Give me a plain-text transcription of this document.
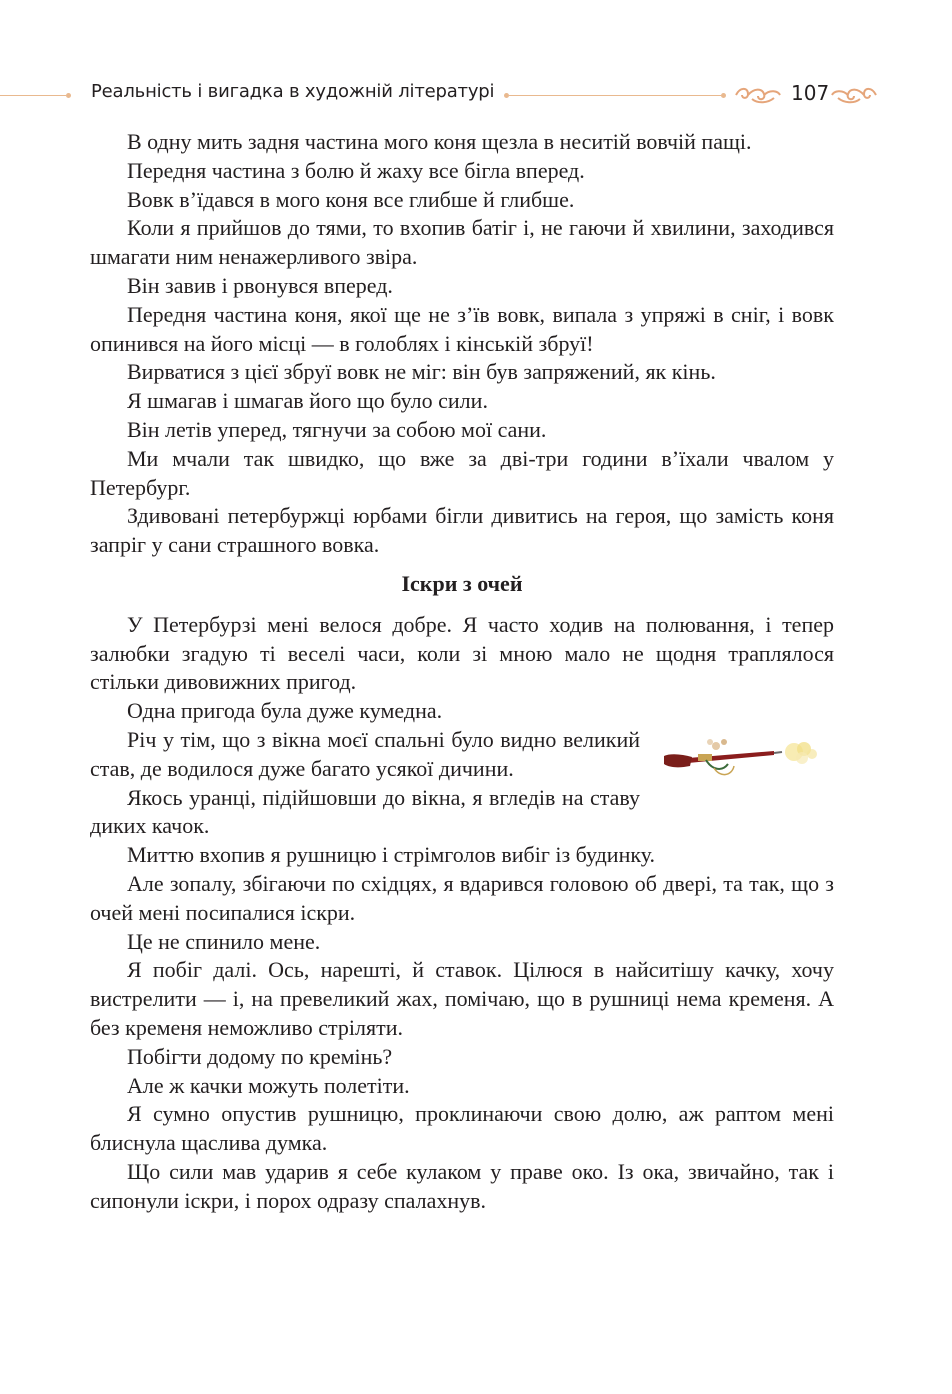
Реальність і вигадка в художній літературі	107

В одну мить задня частина мого коня щезла в неситій вовчій пащі.

Передня частина з болю й жаху все бігла вперед.

Вовк в’їдався в мого коня все глибше й глибше.

Коли я прийшов до тями, то вхопив батіг і, не гаючи й хвилини, заходився шмагати ним ненажерливого звіра.

Він завив і рвонувся вперед.

Передня частина коня, якої ще не з’їв вовк, випала з упряжі в сніг, і вовк опинився на його місці — в голоблях і кінській збруї!

Вирватися з цієї збруї вовк не міг: він був запряжений, як кінь.

Я шмагав і шмагав його що було сили.

Він летів уперед, тягнучи за собою мої сани.

Ми мчали так швидко, що вже за дві-три години в’їхали чвалом у Петербург.

Здивовані петербуржці юрбами бігли дивитись на героя, що замість коня запріг у сани страшного вовка.

Іскри з очей

У Петербурзі мені велося добре. Я часто ходив на полювання, і тепер залюбки згадую ті веселі часи, коли зі мною мало не щодня траплялося стільки дивовижних пригод.

Одна пригода була дуже кумедна.

Річ у тім, що з вікна моєї спальні було видно великий став, де водилося дуже багато усякої дичини.

Якось уранці, підійшовши до вікна, я вгледів на ставу диких качок.

Миттю вхопив я рушницю і стрімголов вибіг із будинку.

Але зопалу, збігаючи по східцях, я вдарився головою об двері, та так, що з очей мені посипалися іскри.

Це не спинило мене.

Я побіг далі. Ось, нарешті, й ставок. Цілюся в найситішу качку, хочу вистрелити — і, на превеликий жах, помічаю, що в рушниці нема кременя. А без кременя неможливо стріляти.

Побігти додому по кремінь?

Але ж качки можуть полетіти.

Я сумно опустив рушницю, проклинаючи свою долю, аж раптом мені блиснула щаслива думка.

Що сили мав ударив я себе кулаком у праве око. Із ока, звичайно, так і сипонули іскри, і порох одразу спалахнув.
